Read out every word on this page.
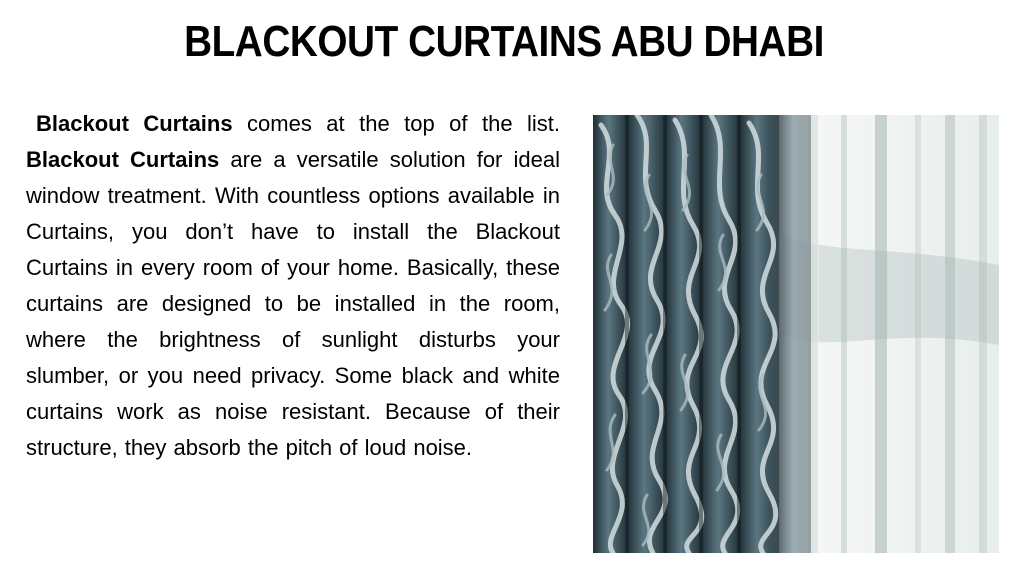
BLACKOUT CURTAINS ABU DHABI

Blackout Curtains comes at the top of the list. Blackout Curtains are a versatile solution for ideal window treatment. With countless options available in Curtains, you don’t have to install the Blackout Curtains in every room of your home. Basically, these curtains are designed to be installed in the room, where the brightness of sunlight disturbs your slumber, or you need privacy. Some black and white curtains work as noise resistant. Because of their structure, they absorb the pitch of loud noise.
